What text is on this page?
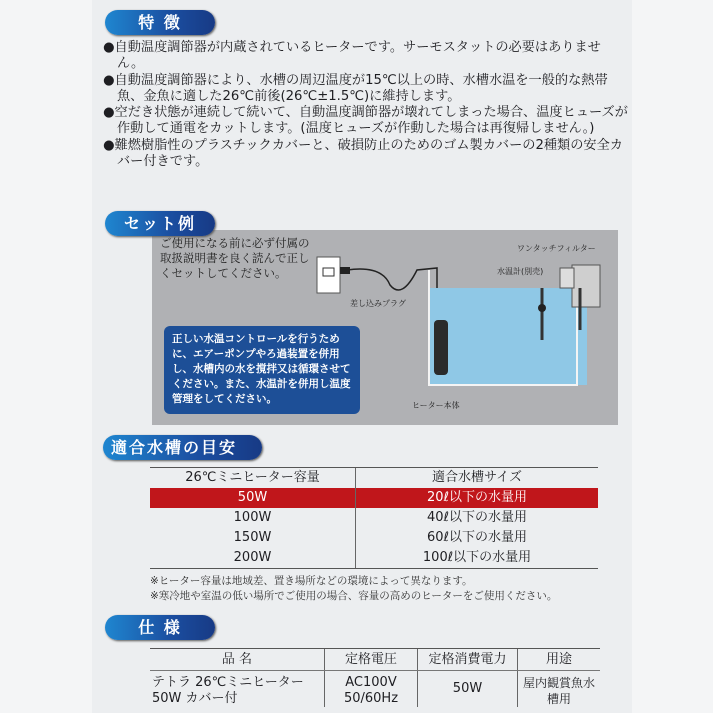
特 徴

●自動温度調節器が内蔵されているヒーターです。サーモスタットの必要はありません。

●自動温度調節器により、水槽の周辺温度が15℃以上の時、水槽水温を一般的な熱帯魚、金魚に適した26℃前後(26℃±1.5℃)に維持します。

●空だき状態が連続して続いて、自動温度調節器が壊れてしまった場合、温度ヒューズが作動して通電をカットします。(温度ヒューズが作動した場合は再復帰しません。)

●難燃樹脂性のプラスチックカバーと、破損防止のためのゴム製カバーの2種類の安全カバー付きです。

セット例
ご使用になる前に必ず付属の取扱説明書を良く読んで正しくセットしてください。
正しい水温コントロールを行うために、エアーポンプやろ過装置を併用し、水槽内の水を撹拌又は循環させてください。また、水温計を併用し温度管理をしてください。
差し込みプラグ
ワンタッチフィルター
水温計(別売)
ヒーター本体
適合水槽の目安
26℃ミニヒーター容量	適合水槽サイズ
50W	20ℓ以下の水量用
100W	40ℓ以下の水量用
150W	60ℓ以下の水量用
200W	100ℓ以下の水量用
※ヒーター容量は地域差、置き場所などの環境によって異なります。
※寒冷地や室温の低い場所でご使用の場合、容量の高めのヒーターをご使用ください。
仕 様
品 名	定格電圧	定格消費電力	用途
テトラ 26℃ミニヒーター 50W カバー付	AC100V 50/60Hz	50W	屋内観賞魚水槽用
